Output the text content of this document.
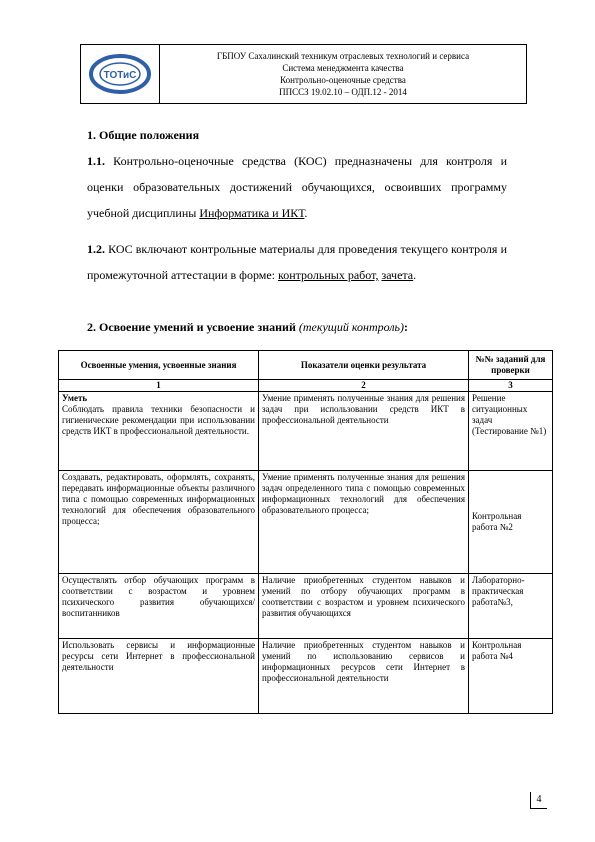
ТОТиС
ГБПОУ Сахалинский техникум отраслевых технологий и сервиса
Система менеджмента качества
Контрольно-оценочные средства
ППССЗ 19.02.10 – ОДП.12 - 2014
1. Общие положения
1.1. Контрольно-оценочные средства (КОС) предназначены для контроля и оценки образовательных достижений обучающихся, освоивших программу учебной дисциплины Информатика и ИКТ.
1.2. КОС включают контрольные материалы для проведения текущего контроля и промежуточной аттестации в форме: контрольных работ, зачета.
2. Освоение умений и усвоение знаний (текущий контроль):
Освоенные умения, усвоенные знания	Показатели оценки результата	№№ заданий для проверки
1	2	3
Уметь
Соблюдать правила техники безопасности и гигиенические рекомендации при использовании средств ИКТ в профессиональной деятельности.	Умение применять полученные знания для решения задач при использовании средств ИКТ в профессиональной деятельности	Решение ситуационных задач (Тестирование №1)
Создавать, редактировать, оформлять, сохранять, передавать информационные объекты различного типа с помощью современных информационных технологий для обеспечения образовательного процесса;	Умение применять полученные знания для решения задач определенного типа с помощью современных информационных технологий для обеспечения образовательного процесса;	Контрольная работа №2
Осуществлять отбор обучающих программ в соответствии с возрастом и уровнем психического развития обучающихся/воспитанников	Наличие приобретенных студентом навыков и умений по отбору обучающих программ в соответствии с возрастом и уровнем психического развития обучающихся	Лабораторно-практическая работа№3,
Использовать сервисы и информационные ресурсы сети Интернет в профессиональной деятельности	Наличие приобретенных студентом навыков и умений по использованию сервисов и информационных ресурсов сети Интернет в профессиональной деятельности	Контрольная работа №4
4
